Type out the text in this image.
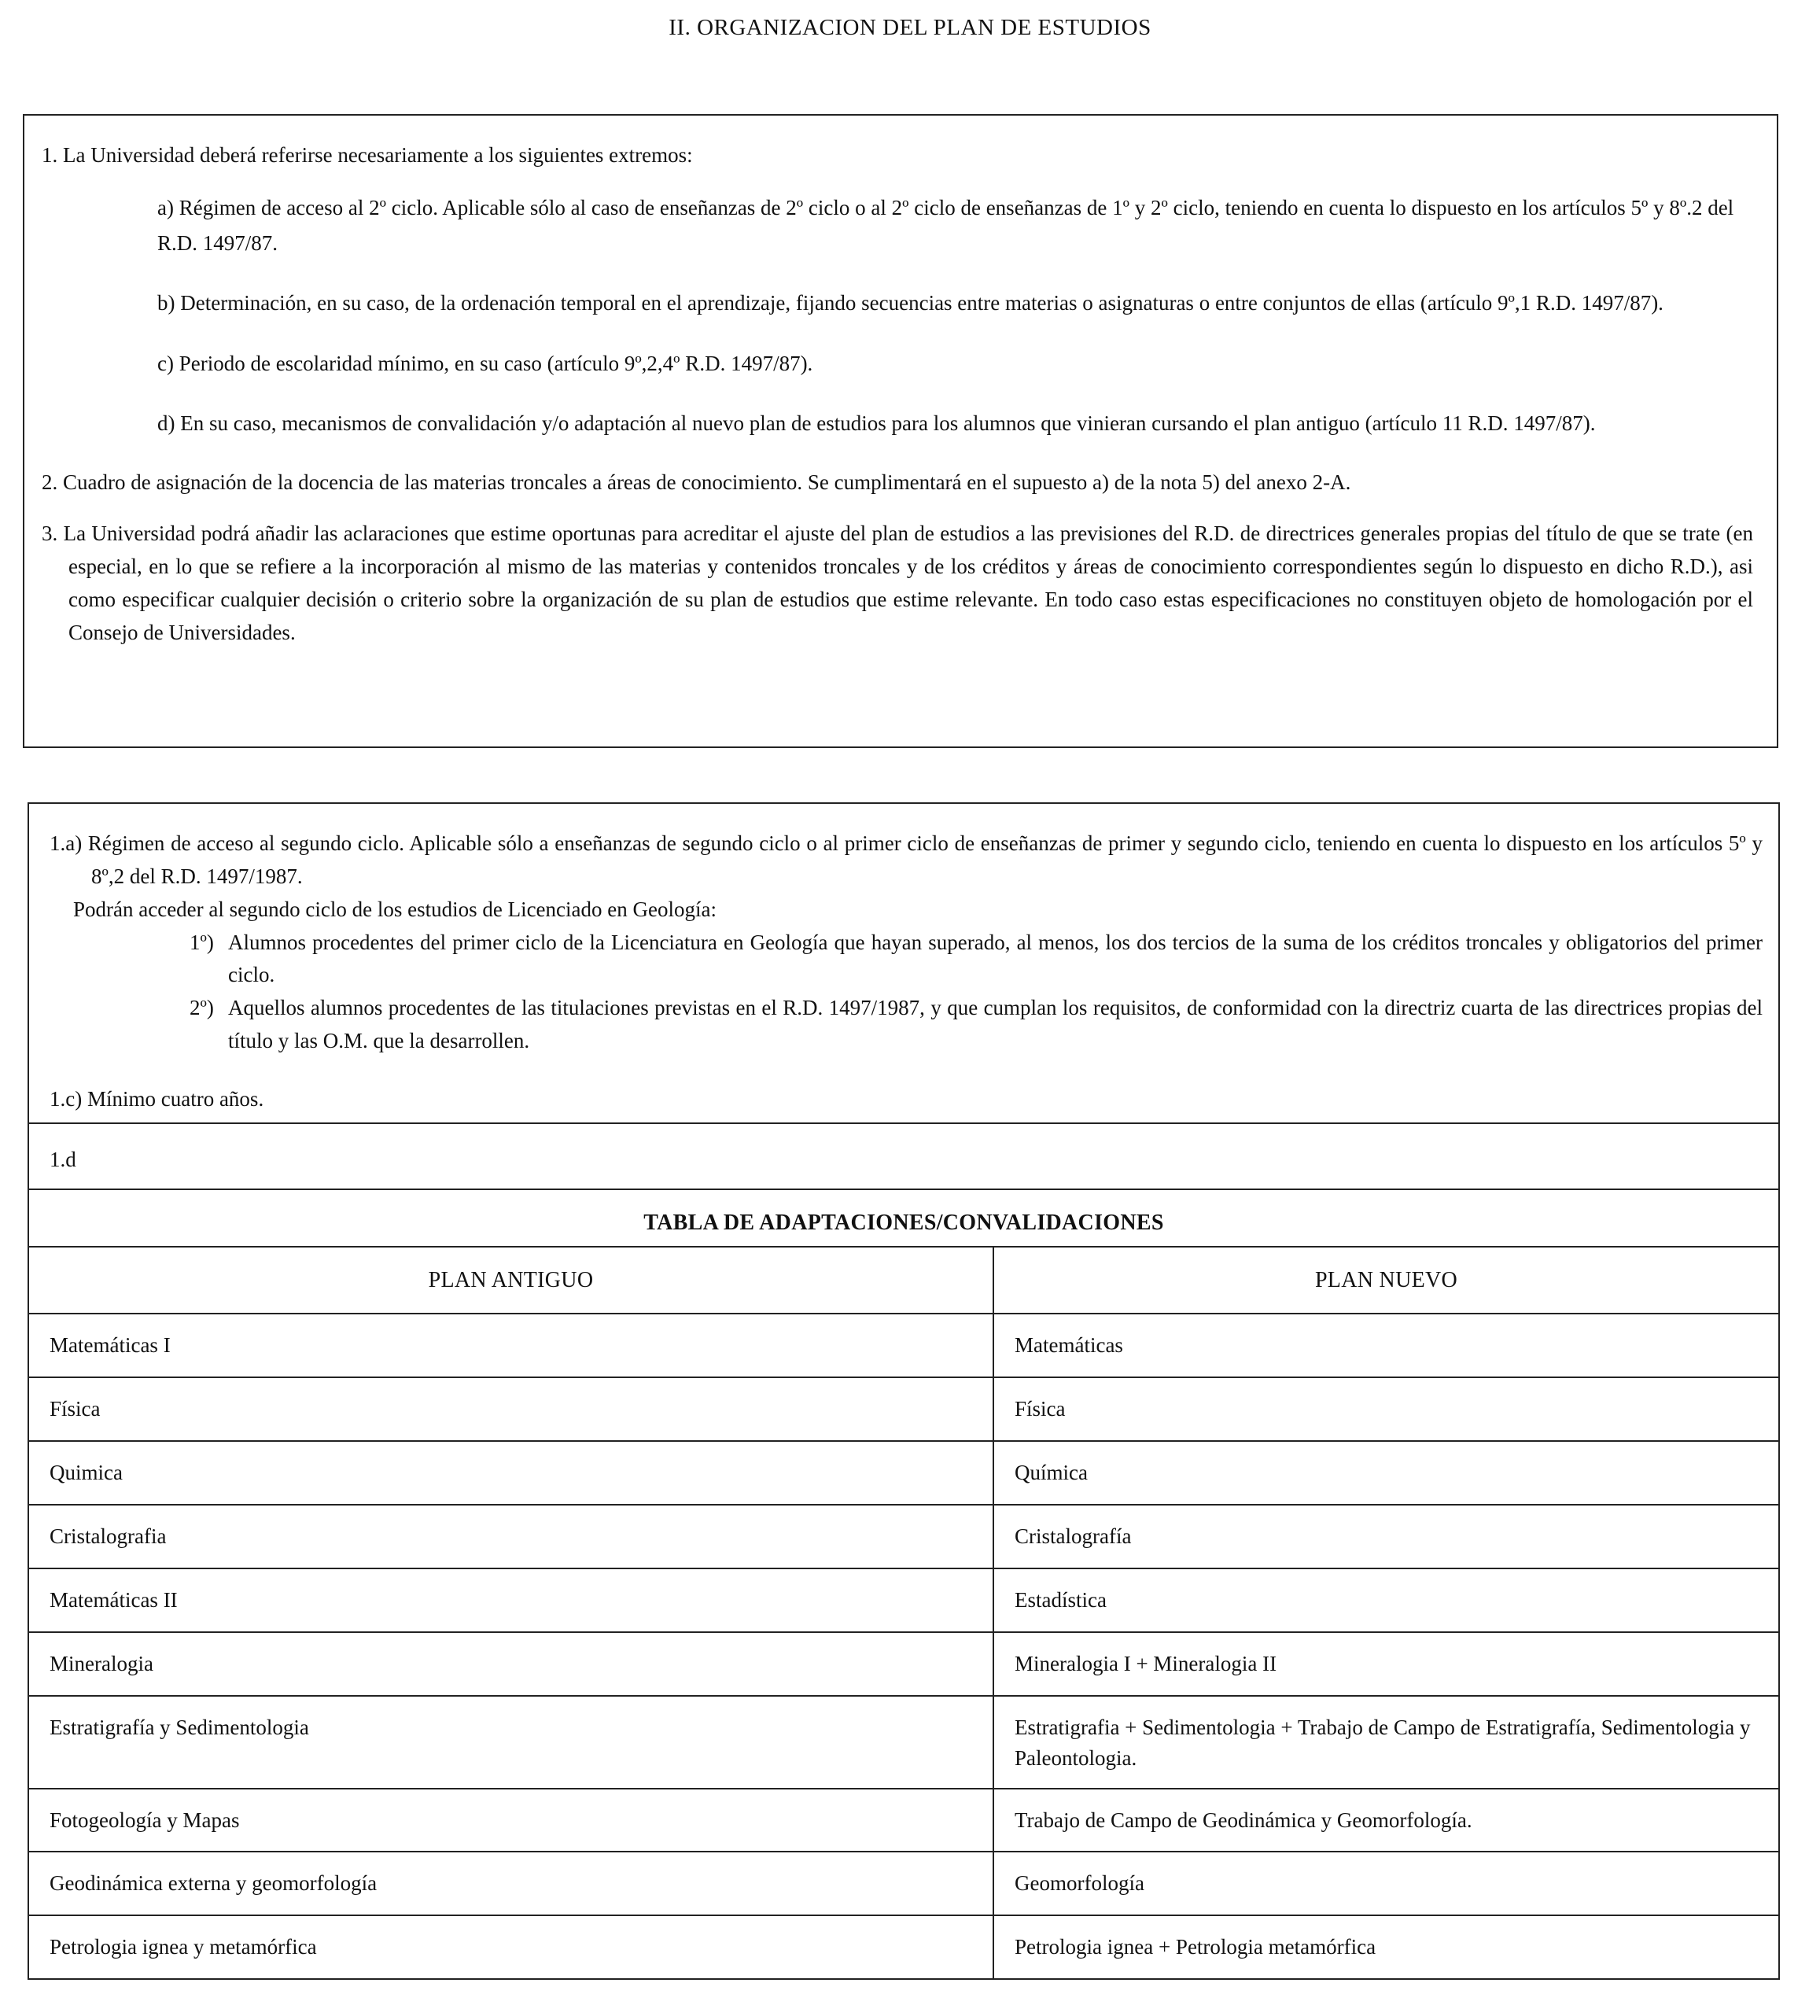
II. ORGANIZACION DEL PLAN DE ESTUDIOS

1. La Universidad deberá referirse necesariamente a los siguientes extremos:

a) Régimen de acceso al 2º ciclo. Aplicable sólo al caso de enseñanzas de 2º ciclo o al 2º ciclo de enseñanzas de 1º y 2º ciclo, teniendo en cuenta lo dispuesto en los artículos 5º y 8º.2 del R.D. 1497/87.

b) Determinación, en su caso, de la ordenación temporal en el aprendizaje, fijando secuencias entre materias o asignaturas o entre conjuntos de ellas (artículo 9º,1 R.D. 1497/87).

c) Periodo de escolaridad mínimo, en su caso (artículo 9º,2,4º R.D. 1497/87).

d) En su caso, mecanismos de convalidación y/o adaptación al nuevo plan de estudios para los alumnos que vinieran cursando el plan antiguo (artículo 11 R.D. 1497/87).

2. Cuadro de asignación de la docencia de las materias troncales a áreas de conocimiento. Se cumplimentará en el supuesto a) de la nota 5) del anexo 2-A.

3. La Universidad podrá añadir las aclaraciones que estime oportunas para acreditar el ajuste del plan de estudios a las previsiones del R.D. de directrices generales propias del título de que se trate (en especial, en lo que se refiere a la incorporación al mismo de las materias y contenidos troncales y de los créditos y áreas de conocimiento correspondientes según lo dispuesto en dicho R.D.), asi como especificar cualquier decisión o criterio sobre la organización de su plan de estudios que estime relevante. En todo caso estas especificaciones no constituyen objeto de homologación por el Consejo de Universidades.

1.a) Régimen de acceso al segundo ciclo. Aplicable sólo a enseñanzas de segundo ciclo o al primer ciclo de enseñanzas de primer y segundo ciclo, teniendo en cuenta lo dispuesto en los artículos 5º y 8º,2 del R.D. 1497/1987.

Podrán acceder al segundo ciclo de los estudios de Licenciado en Geología:

1º) Alumnos procedentes del primer ciclo de la Licenciatura en Geología que hayan superado, al menos, los dos tercios de la suma de los créditos troncales y obligatorios del primer ciclo.

2º) Aquellos alumnos procedentes de las titulaciones previstas en el R.D. 1497/1987, y que cumplan los requisitos, de conformidad con la directriz cuarta de las directrices propias del título y las O.M. que la desarrollen.

1.c) Mínimo cuatro años.

1.d
TABLA DE ADAPTACIONES/CONVALIDACIONES
PLAN ANTIGUO	PLAN NUEVO
Matemáticas I	Matemáticas
Física	Física
Quimica	Química
Cristalografia	Cristalografía
Matemáticas II	Estadística
Mineralogia	Mineralogia I + Mineralogia II
Estratigrafía y Sedimentologia	Estratigrafia + Sedimentologia + Trabajo de Campo de Estratigrafía, Sedimentologia y Paleontologia.
Fotogeología y Mapas	Trabajo de Campo de Geodinámica y Geomorfología.
Geodinámica externa y geomorfología	Geomorfología
Petrologia ignea y metamórfica	Petrologia ignea + Petrologia metamórfica
